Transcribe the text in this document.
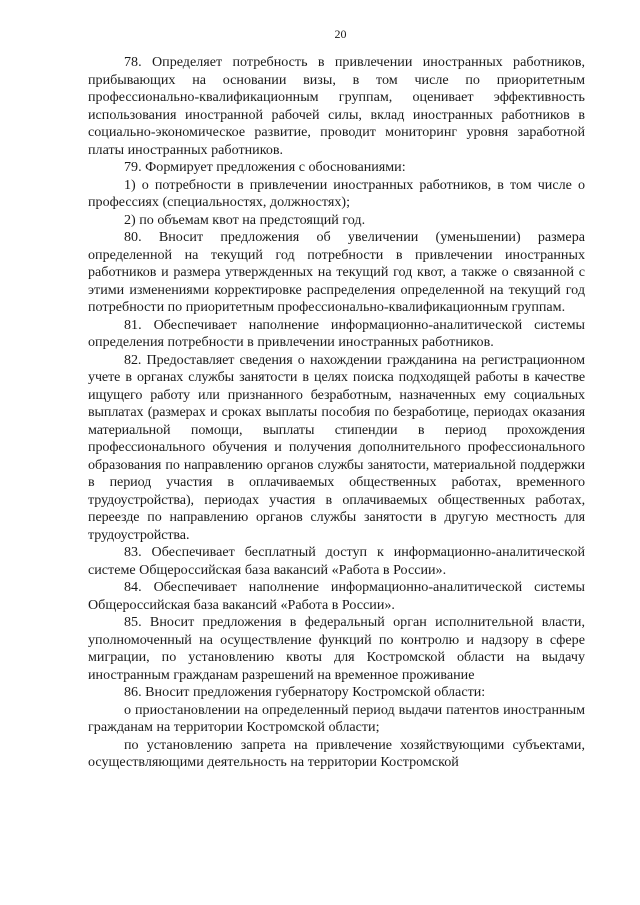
20

78. Определяет потребность в привлечении иностранных работников, прибывающих на основании визы, в том числе по приоритетным профессионально-квалификационным группам, оценивает эффективность использования иностранной рабочей силы, вклад иностранных работников в социально-экономическое развитие, проводит мониторинг уровня заработной платы иностранных работников.

79. Формирует предложения с обоснованиями:

1) о потребности в привлечении иностранных работников, в том числе о профессиях (специальностях, должностях);

2) по объемам квот на предстоящий год.

80. Вносит предложения об увеличении (уменьшении) размера определенной на текущий год потребности в привлечении иностранных работников и размера утвержденных на текущий год квот, а также о связанной с этими изменениями корректировке распределения определенной на текущий год потребности по приоритетным профессионально-квалификационным группам.

81. Обеспечивает наполнение информационно-аналитической системы определения потребности в привлечении иностранных работников.

82. Предоставляет сведения о нахождении гражданина на регистрационном учете в органах службы занятости в целях поиска подходящей работы в качестве ищущего работу или признанного безработным, назначенных ему социальных выплатах (размерах и сроках выплаты пособия по безработице, периодах оказания материальной помощи, выплаты стипендии в период прохождения профессионального обучения и получения дополнительного профессионального образования по направлению органов службы занятости, материальной поддержки в период участия в оплачиваемых общественных работах, временного трудоустройства), периодах участия в оплачиваемых общественных работах, переезде по направлению органов службы занятости в другую местность для трудоустройства.

83. Обеспечивает бесплатный доступ к информационно-аналитической системе Общероссийская база вакансий «Работа в России».

84. Обеспечивает наполнение информационно-аналитической системы Общероссийская база вакансий «Работа в России».

85. Вносит предложения в федеральный орган исполнительной власти, уполномоченный на осуществление функций по контролю и надзору в сфере миграции, по установлению квоты для Костромской области на выдачу иностранным гражданам разрешений на временное проживание

86. Вносит предложения губернатору Костромской области:

о приостановлении на определенный период выдачи патентов иностранным гражданам на территории Костромской области;

по установлению запрета на привлечение хозяйствующими субъектами, осуществляющими деятельность на территории Костромской
